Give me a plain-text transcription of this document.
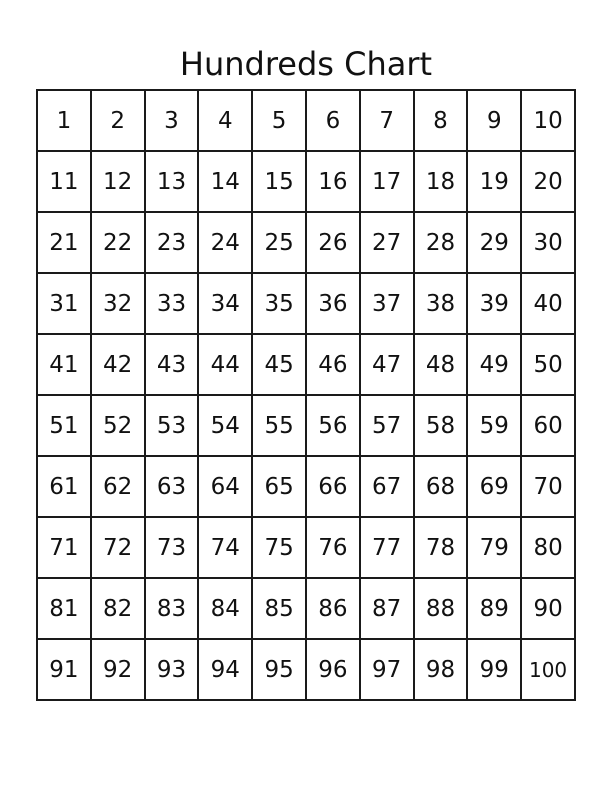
Hundreds Chart
1	2	3	4	5	6	7	8	9	10
11	12	13	14	15	16	17	18	19	20
21	22	23	24	25	26	27	28	29	30
31	32	33	34	35	36	37	38	39	40
41	42	43	44	45	46	47	48	49	50
51	52	53	54	55	56	57	58	59	60
61	62	63	64	65	66	67	68	69	70
71	72	73	74	75	76	77	78	79	80
81	82	83	84	85	86	87	88	89	90
91	92	93	94	95	96	97	98	99	100
